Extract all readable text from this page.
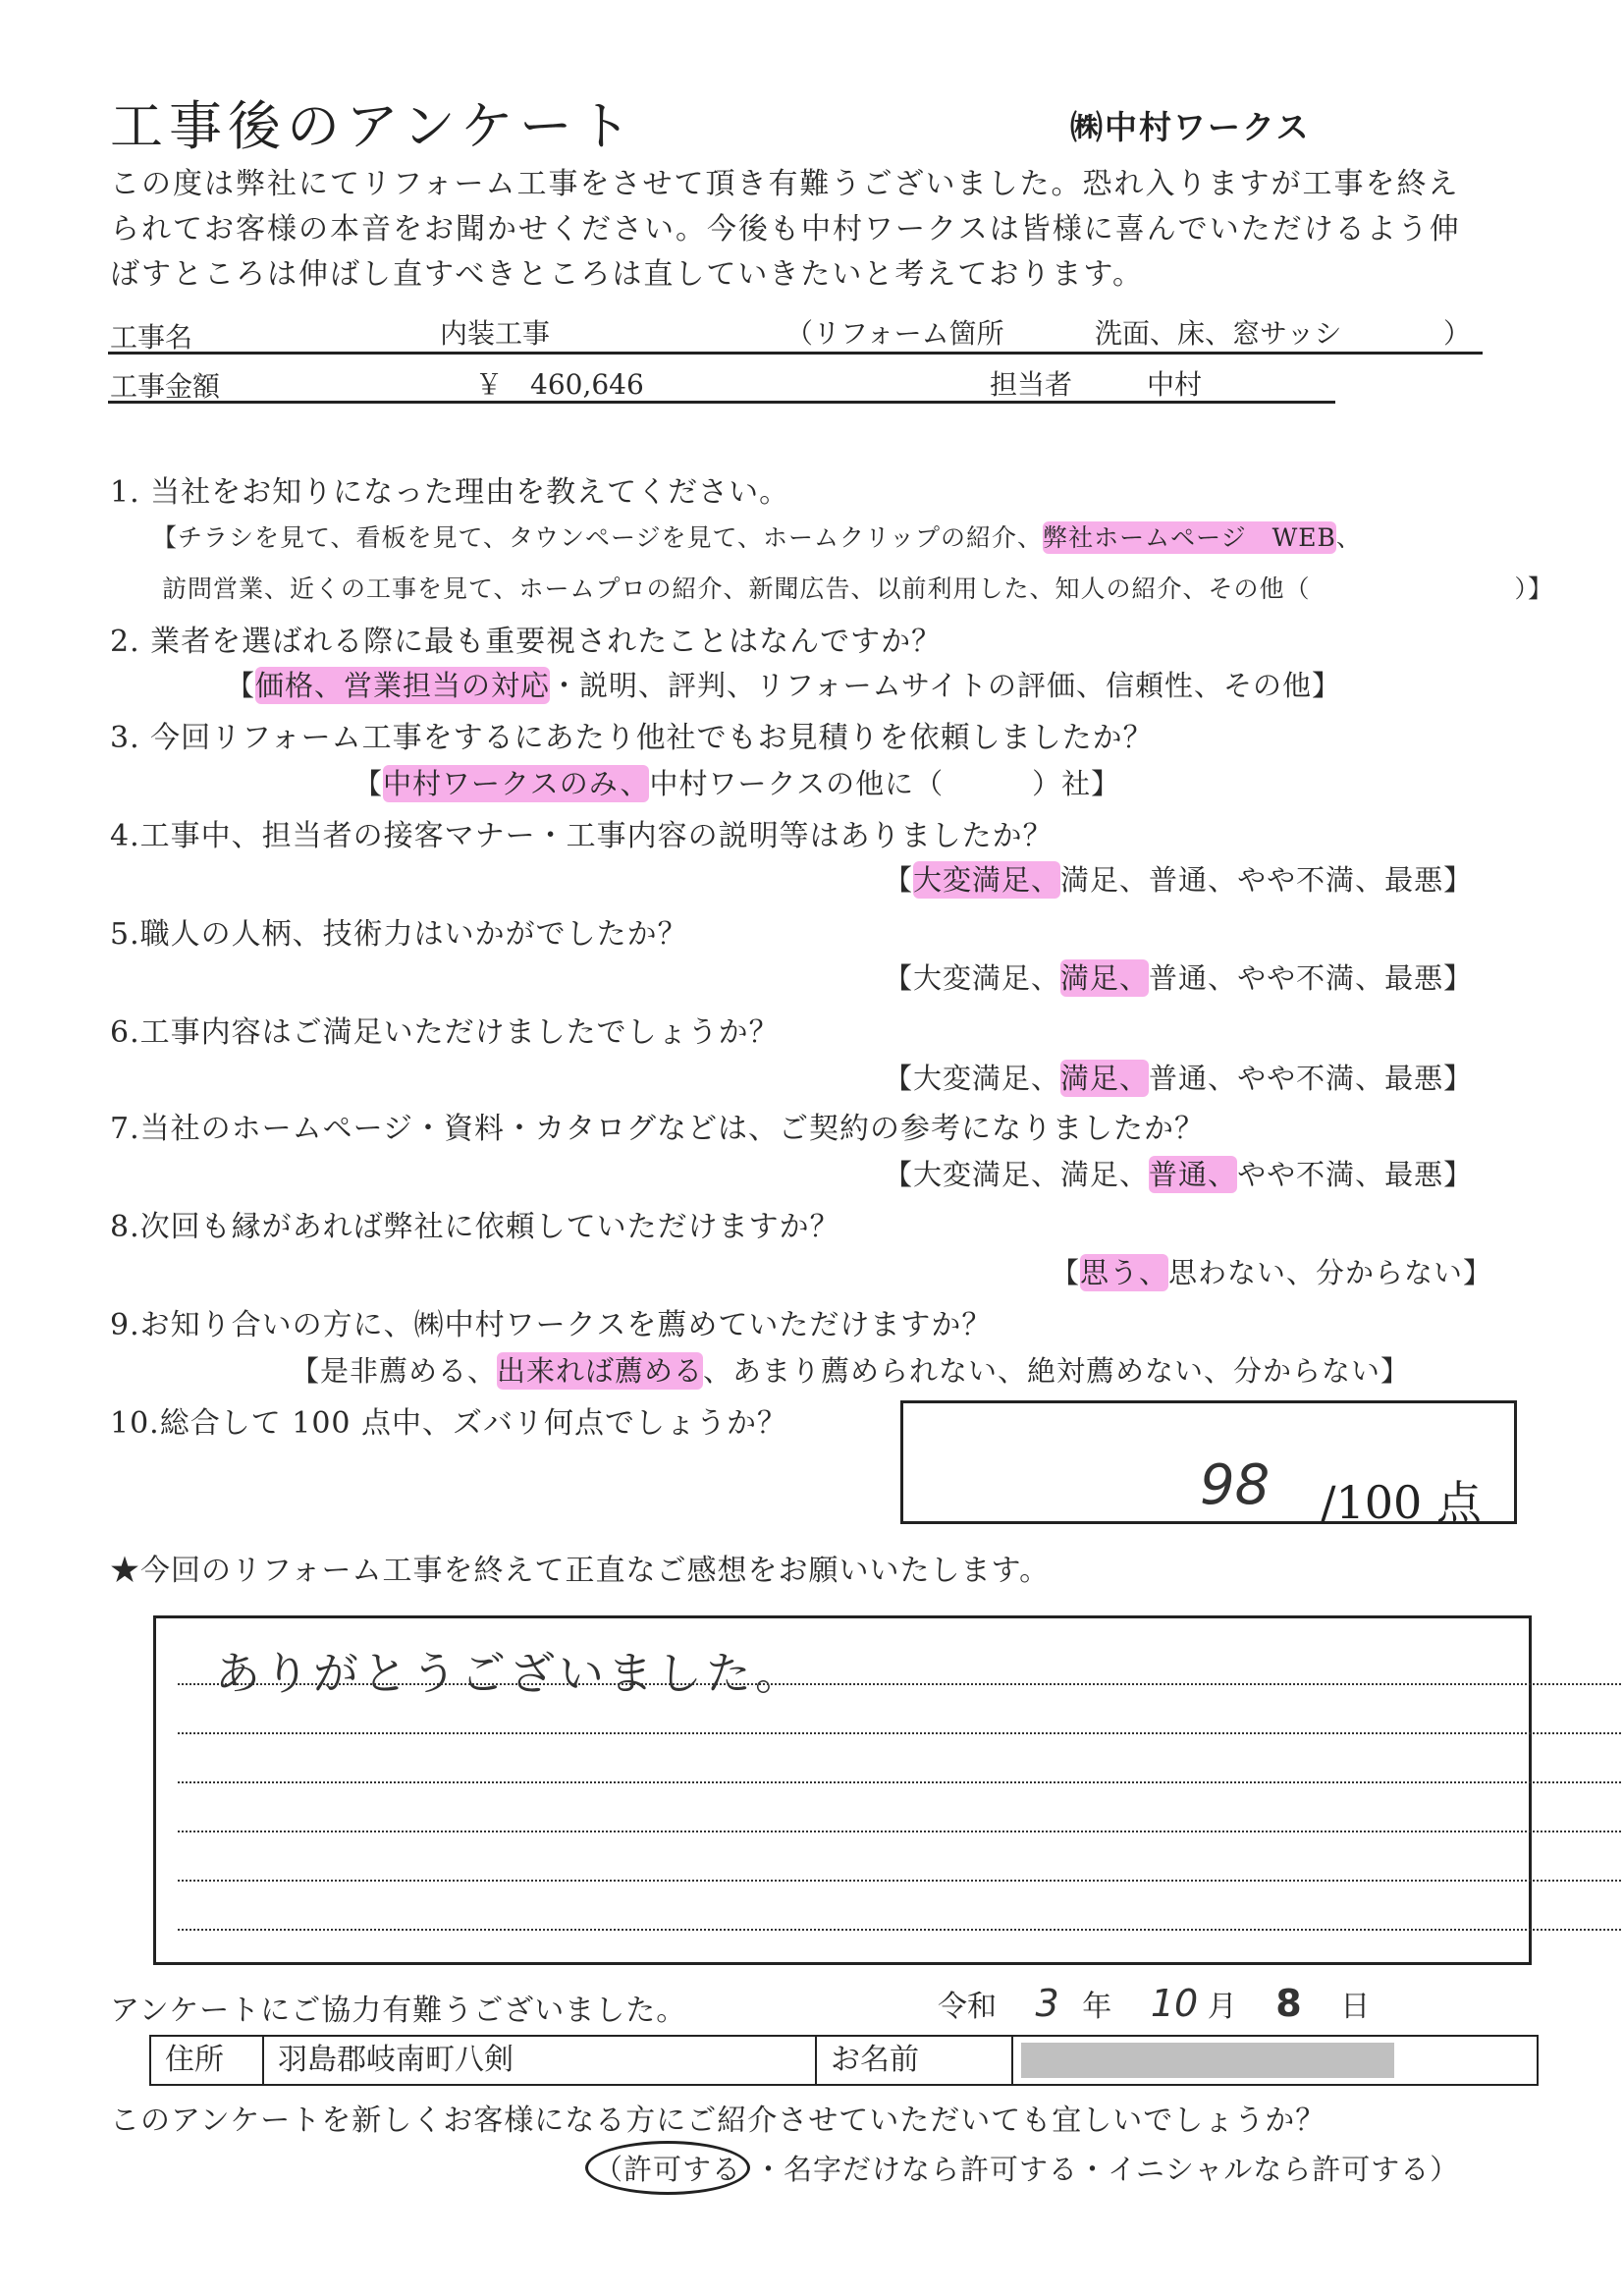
工事後のアンケート	㈱中村ワークス
この度は弊社にてリフォーム工事をさせて頂き有難うございました。恐れ入りますが工事を終え
られてお客様の本音をお聞かせください。今後も中村ワークスは皆様に喜んでいただけるよう伸
ばすところは伸ばし直すべきところは直していきたいと考えております。
工事名	内装工事	（リフォーム箇所	洗面、床、窓サッシ	）
工事金額	￥　460,646	担当者	中村
1. 当社をお知りになった理由を教えてください。
【チラシを見て、看板を見て、タウンページを見て、ホームクリップの紹介、弊社ホームページ　WEB、
訪問営業、近くの工事を見て、ホームプロの紹介、新聞広告、以前利用した、知人の紹介、その他（　　　　　　　　）】
2. 業者を選ばれる際に最も重要視されたことはなんですか？
【価格、営業担当の対応・説明、評判、リフォームサイトの評価、信頼性、その他】
3. 今回リフォーム工事をするにあたり他社でもお見積りを依頼しましたか？
【中村ワークスのみ、中村ワークスの他に（　　　）社】
4.工事中、担当者の接客マナー・工事内容の説明等はありましたか？
【大変満足、満足、普通、やや不満、最悪】
5.職人の人柄、技術力はいかがでしたか？
【大変満足、満足、普通、やや不満、最悪】
6.工事内容はご満足いただけましたでしょうか？
【大変満足、満足、普通、やや不満、最悪】
7.当社のホームページ・資料・カタログなどは、ご契約の参考になりましたか？
【大変満足、満足、普通、やや不満、最悪】
8.次回も縁があれば弊社に依頼していただけますか？
【思う、思わない、分からない】
9.お知り合いの方に、㈱中村ワークスを薦めていただけますか？
【是非薦める、出来れば薦める、あまり薦められない、絶対薦めない、分からない】
10.総合して 100 点中、ズバリ何点でしょうか？
98 /100 点
★今回のリフォーム工事を終えて正直なご感想をお願いいたします。
ありがとうございました。
アンケートにご協力有難うございました。	令和 3 年 10 月 8 日
住所	羽島郡岐南町八剣	お名前
このアンケートを新しくお客様になる方にご紹介させていただいても宜しいでしょうか？
（許可する ・名字だけなら許可する・イニシャルなら許可する）
